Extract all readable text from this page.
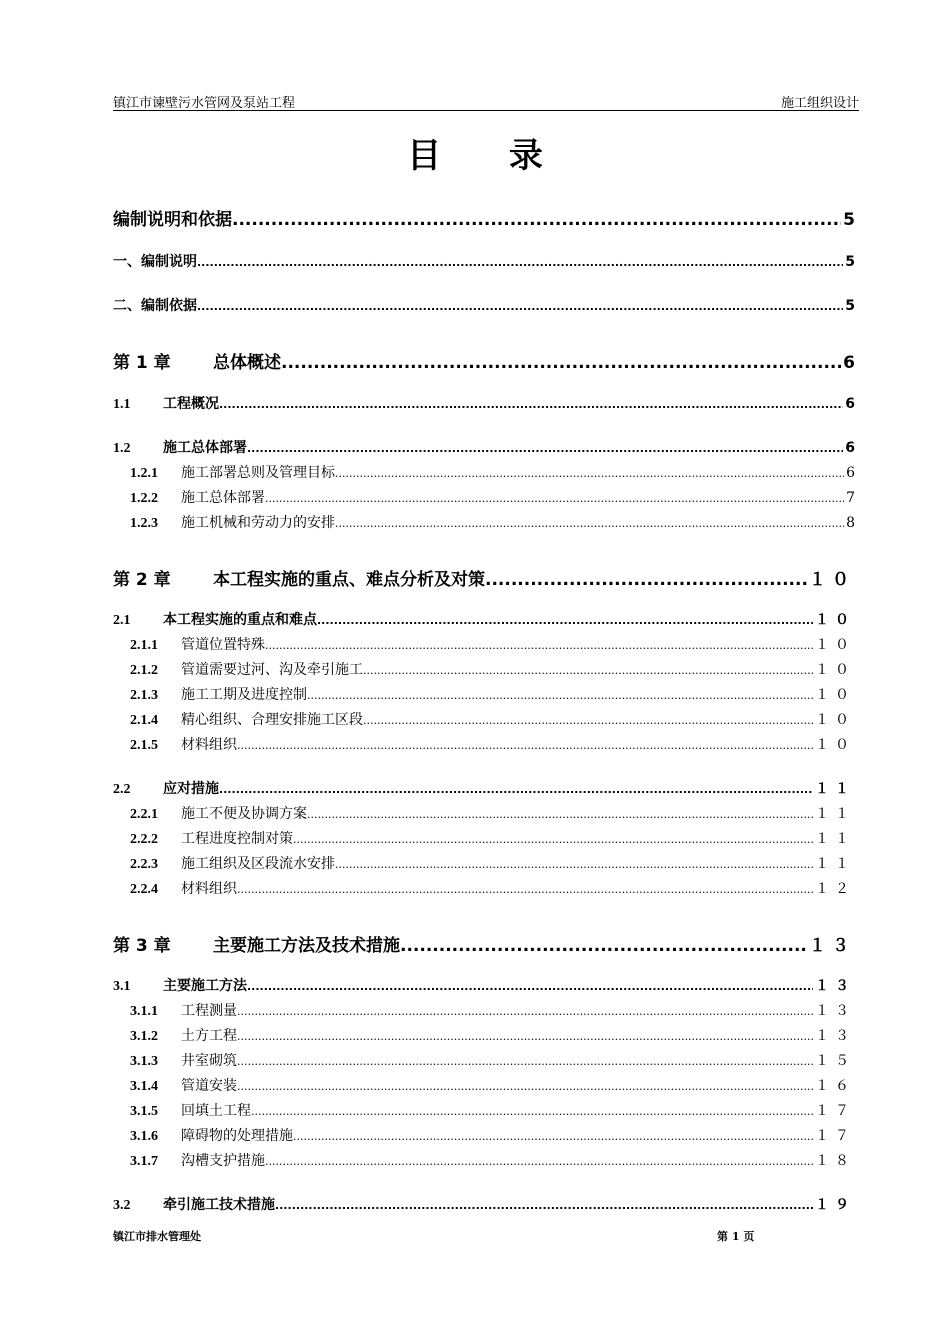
镇江市谏壁污水管网及泵站工程	施工组织设计
目 录
编制说明和依据 .....	5
一、编制说明 .....	5
二、编制依据 .....	5
第 1 章	总体概述 .....	6
1.1	工程概况 .....	6
1.2	施工总体部署 .....	6
1.2.1	施工部署总则及管理目标 .....	6
1.2.2	施工总体部署 .....	7
1.2.3	施工机械和劳动力的安排 .....	8
第 2 章	本工程实施的重点、难点分析及对策 .....	１０
2.1	本工程实施的重点和难点 .....	１０
2.1.1	管道位置特殊 .....	１０
2.1.2	管道需要过河、沟及牵引施工 .....	１０
2.1.3	施工工期及进度控制 .....	１０
2.1.4	精心组织、合理安排施工区段 .....	１０
2.1.5	材料组织 .....	１０
2.2	应对措施 .....	１１
2.2.1	施工不便及协调方案 .....	１１
2.2.2	工程进度控制对策 .....	１１
2.2.3	施工组织及区段流水安排 .....	１１
2.2.4	材料组织 .....	１２
第 3 章	主要施工方法及技术措施 .....	１３
3.1	主要施工方法 .....	１３
3.1.1	工程测量 .....	１３
3.1.2	土方工程 .....	１３
3.1.3	井室砌筑 .....	１５
3.1.4	管道安装 .....	１６
3.1.5	回填土工程 .....	１７
3.1.6	障碍物的处理措施 .....	１７
3.1.7	沟槽支护措施 .....	１８
3.2	牵引施工技术措施 .....	１９
镇江市排水管理处	第 1 页
